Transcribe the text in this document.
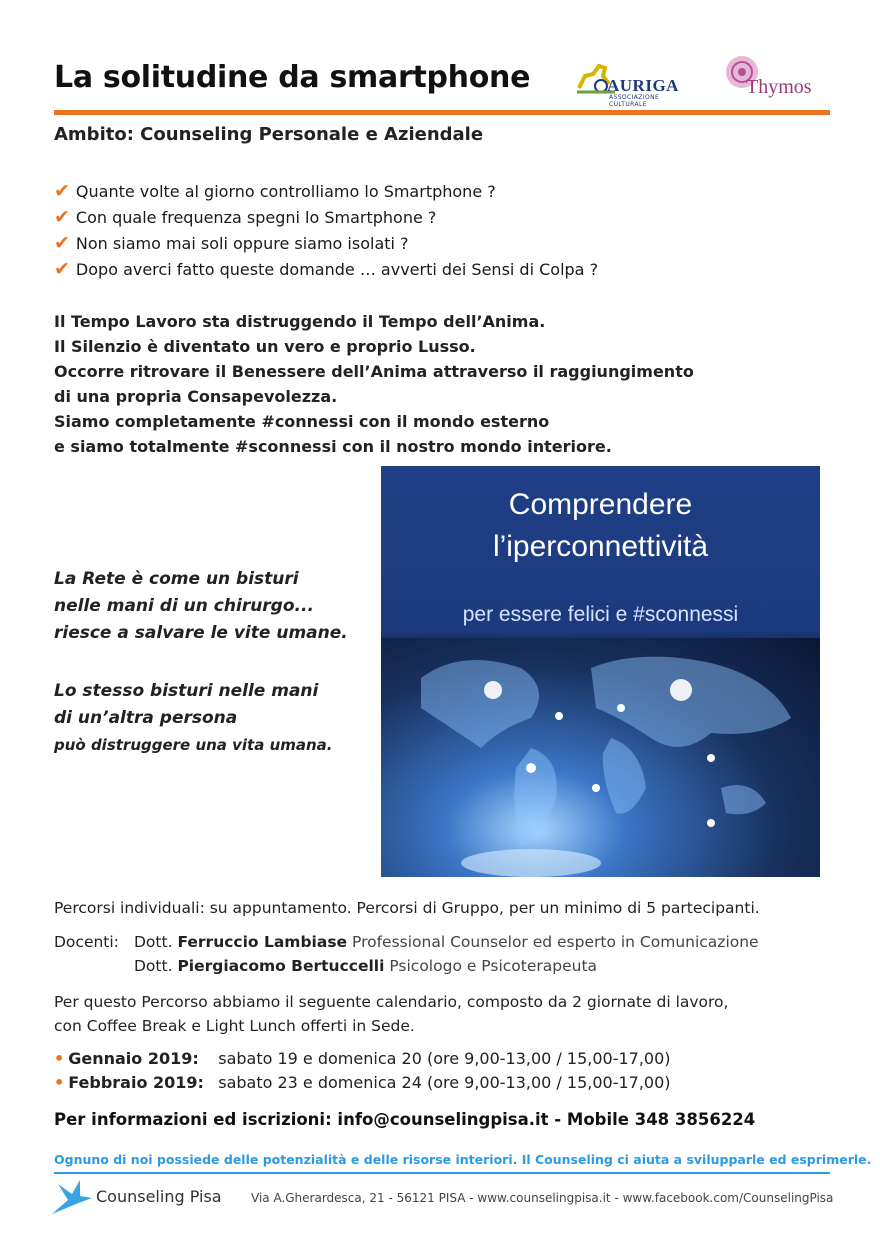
La solitudine da smartphone	AURIGA
ASSOCIAZIONE CULTURALE
Thymos
Ambito: Counseling Personale e Aziendale
✔ Quante volte al giorno controlliamo lo Smartphone ?
✔ Con quale frequenza spegni lo Smartphone ?
✔ Non siamo mai soli oppure siamo isolati ?
✔ Dopo averci fatto queste domande … avverti dei Sensi di Colpa ?
Il Tempo Lavoro sta distruggendo il Tempo dell’Anima.
Il Silenzio è diventato un vero e proprio Lusso.
Occorre ritrovare il Benessere dell’Anima attraverso il raggiungimento
di una propria Consapevolezza.
Siamo completamente #connessi con il mondo esterno
e siamo totalmente #sconnessi con il nostro mondo interiore.
La Rete è come un bisturi
nelle mani di un chirurgo...
riesce a salvare le vite umane.
Lo stesso bisturi nelle mani
di un’altra persona
può distruggere una vita umana.
Comprendere
l’iperconnettività
per essere felici e #sconnessi
Percorsi individuali: su appuntamento. Percorsi di Gruppo, per un minimo di 5 partecipanti.
Docenti: Dott. Ferruccio Lambiase Professional Counselor ed esperto in Comunicazione
Dott. Piergiacomo Bertuccelli Psicologo e Psicoterapeuta
Per questo Percorso abbiamo il seguente calendario, composto da 2 giornate di lavoro,
con Coffee Break e Light Lunch offerti in Sede.
• Gennaio 2019: sabato 19 e domenica 20 (ore 9,00-13,00 / 15,00-17,00)
• Febbraio 2019: sabato 23 e domenica 24 (ore 9,00-13,00 / 15,00-17,00)
Per informazioni ed iscrizioni: info@counselingpisa.it - Mobile 348 3856224
Ognuno di noi possiede delle potenzialità e delle risorse interiori. Il Counseling ci aiuta a svilupparle ed esprimerle.
Counseling Pisa Via A.Gherardesca, 21 - 56121 PISA - www.counselingpisa.it - www.facebook.com/CounselingPisa
